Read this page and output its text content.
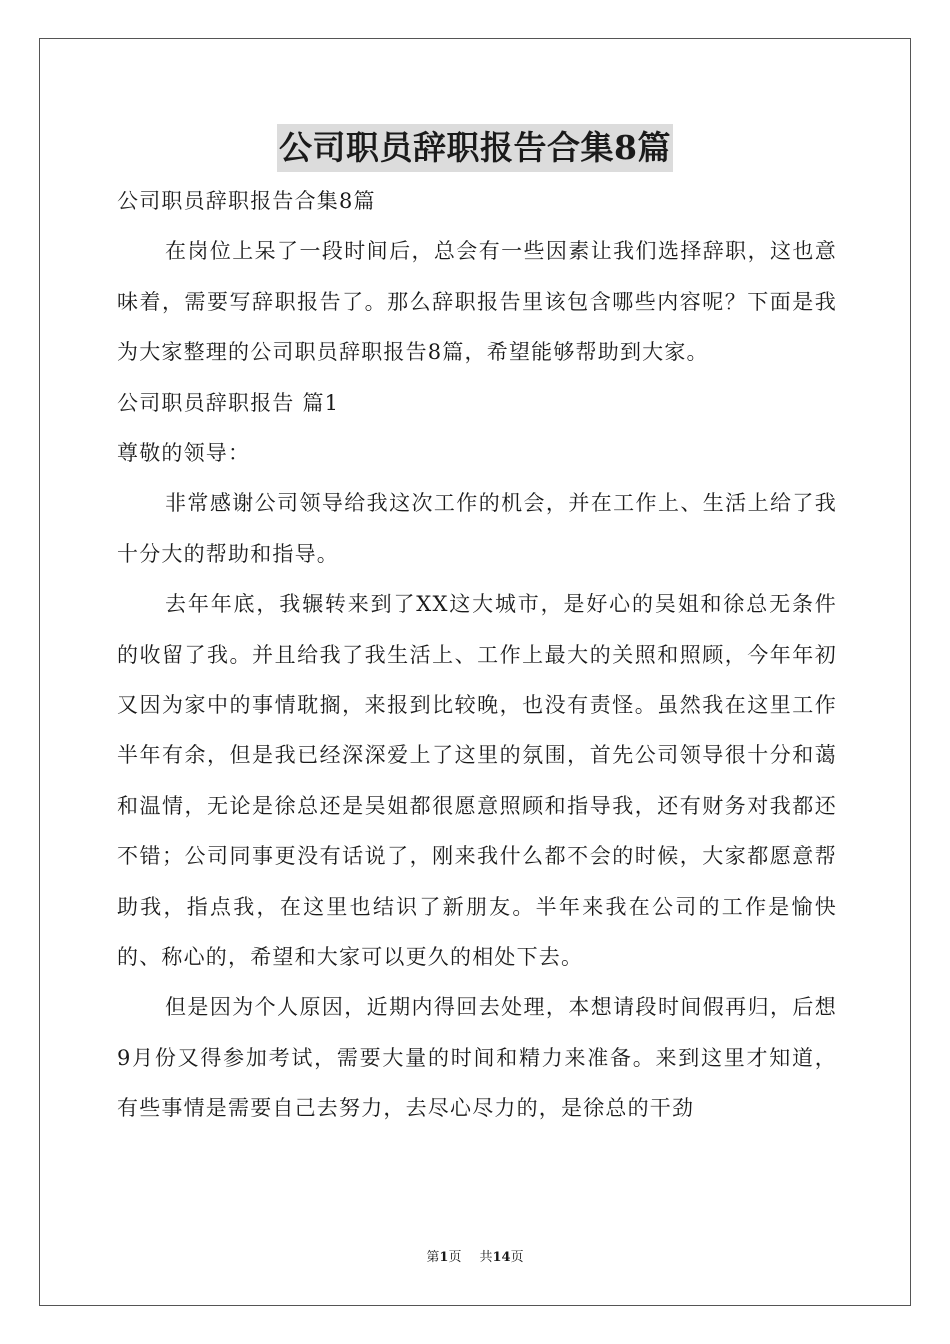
公司职员辞职报告合集8篇

公司职员辞职报告合集8篇

在岗位上呆了一段时间后，总会有一些因素让我们选择辞职，这也意味着，需要写辞职报告了。那么辞职报告里该包含哪些内容呢？下面是我为大家整理的公司职员辞职报告8篇，希望能够帮助到大家。

公司职员辞职报告 篇1

尊敬的领导：

非常感谢公司领导给我这次工作的机会，并在工作上、生活上给了我十分大的帮助和指导。

去年年底，我辗转来到了XX这大城市，是好心的吴姐和徐总无条件的收留了我。并且给我了我生活上、工作上最大的关照和照顾，今年年初又因为家中的事情耽搁，来报到比较晚，也没有责怪。虽然我在这里工作半年有余，但是我已经深深爱上了这里的氛围，首先公司领导很十分和蔼和温情，无论是徐总还是吴姐都很愿意照顾和指导我，还有财务对我都还不错；公司同事更没有话说了，刚来我什么都不会的时候，大家都愿意帮助我，指点我，在这里也结识了新朋友。半年来我在公司的工作是愉快的、称心的，希望和大家可以更久的相处下去。

但是因为个人原因，近期内得回去处理，本想请段时间假再归，后想9月份又得参加考试，需要大量的时间和精力来准备。来到这里才知道，有些事情是需要自己去努力，去尽心尽力的，是徐总的干劲

第1页 共14页
